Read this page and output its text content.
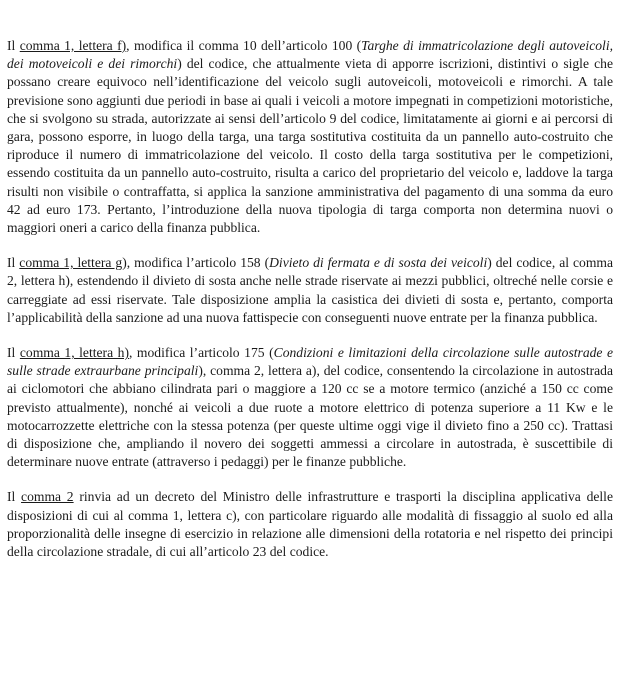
Il comma 1, lettera f), modifica il comma 10 dell’articolo 100 (Targhe di immatricolazione degli autoveicoli, dei motoveicoli e dei rimorchi) del codice, che attualmente vieta di apporre iscrizioni, distintivi o sigle che possano creare equivoco nell’identificazione del veicolo sugli autoveicoli, motoveicoli e rimorchi. A tale previsione sono aggiunti due periodi in base ai quali i veicoli a motore impegnati in competizioni motoristiche, che si svolgono su strada, autorizzate ai sensi dell’articolo 9 del codice, limitatamente ai giorni e ai percorsi di gara, possono esporre, in luogo della targa, una targa sostitutiva costituita da un pannello auto-costruito che riproduce il numero di immatricolazione del veicolo. Il costo della targa sostitutiva per le competizioni, essendo costituita da un pannello auto-costruito, risulta a carico del proprietario del veicolo e, laddove la targa risulti non visibile o contraffatta, si applica la sanzione amministrativa del pagamento di una somma da euro 42 ad euro 173. Pertanto, l’introduzione della nuova tipologia di targa comporta non determina nuovi o maggiori oneri a carico della finanza pubblica.

Il comma 1, lettera g), modifica l’articolo 158 (Divieto di fermata e di sosta dei veicoli) del codice, al comma 2, lettera h), estendendo il divieto di sosta anche nelle strade riservate ai mezzi pubblici, oltreché nelle corsie e carreggiate ad essi riservate. Tale disposizione amplia la casistica dei divieti di sosta e, pertanto, comporta l’applicabilità della sanzione ad una nuova fattispecie con conseguenti nuove entrate per la finanza pubblica.

Il comma 1, lettera h), modifica l’articolo 175 (Condizioni e limitazioni della circolazione sulle autostrade e sulle strade extraurbane principali), comma 2, lettera a), del codice, consentendo la circolazione in autostrada ai ciclomotori che abbiano cilindrata pari o maggiore a 120 cc se a motore termico (anziché a 150 cc come previsto attualmente), nonché ai veicoli a due ruote a motore elettrico di potenza superiore a 11 Kw e le motocarrozzette elettriche con la stessa potenza (per queste ultime oggi vige il divieto fino a 250 cc). Trattasi di disposizione che, ampliando il novero dei soggetti ammessi a circolare in autostrada, è suscettibile di determinare nuove entrate (attraverso i pedaggi) per le finanze pubbliche.

Il comma 2 rinvia ad un decreto del Ministro delle infrastrutture e trasporti la disciplina applicativa delle disposizioni di cui al comma 1, lettera c), con particolare riguardo alle modalità di fissaggio al suolo ed alla proporzionalità delle insegne di esercizio in relazione alle dimensioni della rotatoria e nel rispetto dei principi della circolazione stradale, di cui all’articolo 23 del codice.
